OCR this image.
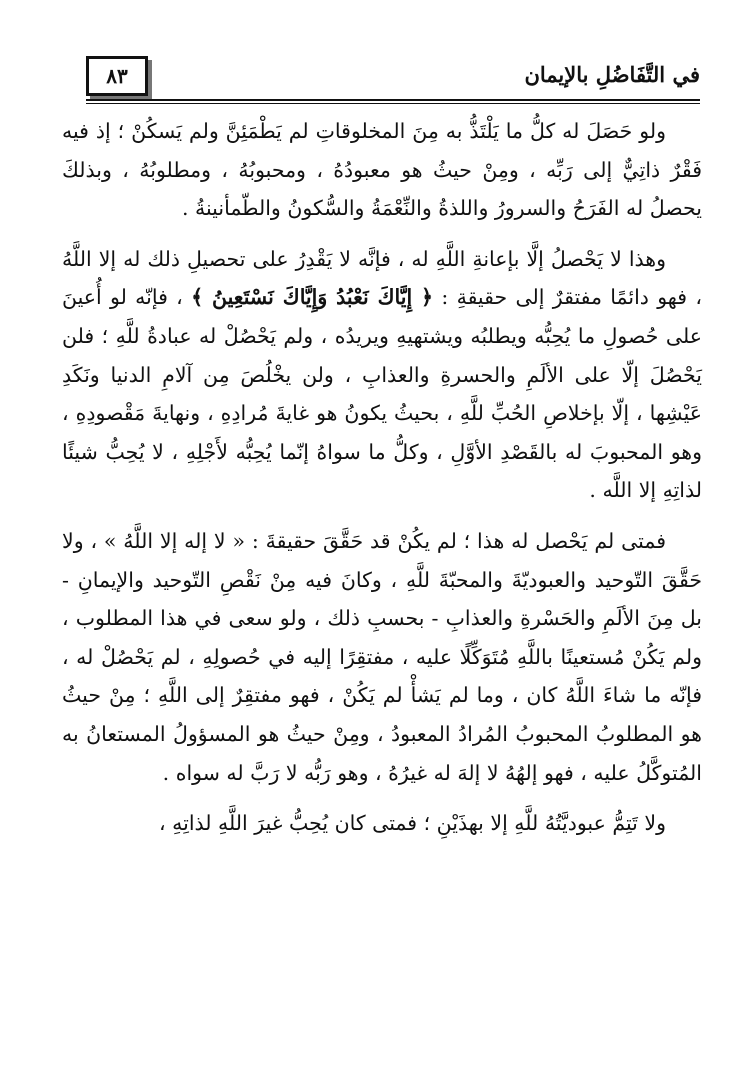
٨٣	في التَّفَاضُلِ بالإيمان

ولو حَصَلَ له كلُّ ما يَلْتَذُّ به مِنَ المخلوقاتِ لم يَطْمَئِنَّ ولم يَسكُنْ ؛ إذ فيه فَقْرٌ ذاتِيٌّ إلى رَبِّه ، ومِنْ حيثُ هو معبودُهُ ، ومحبوبُهُ ، ومطلوبُهُ ، وبذلكَ يحصلُ له الفَرَحُ والسرورُ واللذةُ والنِّعْمَةُ والسُّكونُ والطّمأنينةُ .

وهذا لا يَحْصلُ إلَّا بإعانةِ اللَّهِ له ، فإنَّه لا يَقْدِرُ على تحصيلِ ذلك له إلا اللَّهُ ، فهو دائمًا مفتقرٌ إلى حقيقةِ : ﴿ إِيَّاكَ نَعْبُدُ وَإِيَّاكَ نَسْتَعِينُ ﴾ ، فإنّه لو أُعينَ على حُصولِ ما يُحِبُّه ويطلبُه ويشتهيهِ ويريدُه ، ولم يَحْصُلْ له عبادةُ للَّهِ ؛ فلن يَحْصُلَ إلّا على الألَمِ والحسرةِ والعذابِ ، ولن يخْلُصَ مِن آلامِ الدنيا ونَكَدِ عَيْشِها ، إلّا بإخلاصِ الحُبِّ للَّهِ ، بحيثُ يكونُ هو غايةَ مُرادِهِ ، ونهايةَ مَقْصودِهِ ، وهو المحبوبَ له بالقَصْدِ الأوَّلِ ، وكلُّ ما سواهُ إنّما يُحِبُّه لأَجْلِهِ ، لا يُحِبُّ شيئًا لذاتِهِ إلا اللَّه .

فمتى لم يَحْصل له هذا ؛ لم يكُنْ قد حَقَّقَ حقيقةَ : « لا إله إلا اللَّهُ » ، ولا حَقَّقَ التّوحيد والعبوديّةَ والمحبّةَ للَّهِ ، وكانَ فيه مِنْ نَقْصِ التّوحيد والإيمانِ - بل مِنَ الألَمِ والحَسْرةِ والعذابِ - بحسبِ ذلك ، ولو سعى في هذا المطلوب ، ولم يَكُنْ مُستعينًا باللَّهِ مُتَوَكِّلًا عليه ، مفتقِرًا إليه في حُصولِهِ ، لم يَحْصُلْ له ، فإنّه ما شاءَ اللَّهُ كان ، وما لم يَشأْ لم يَكُنْ ، فهو مفتقِرٌ إلى اللَّهِ ؛ مِنْ حيثُ هو المطلوبُ المحبوبُ المُرادُ المعبودُ ، ومِنْ حيثُ هو المسؤولُ المستعانُ به المُتوكَّلُ عليه ، فهو إلهُهُ لا إلهَ له غيرُهُ ، وهو رَبُّه لا رَبَّ له سواه .

ولا تَتِمُّ عبوديَّتُهُ للَّهِ إلا بهذَيْنِ ؛ فمتى كان يُحِبُّ غيرَ اللَّهِ لذاتِهِ ،
